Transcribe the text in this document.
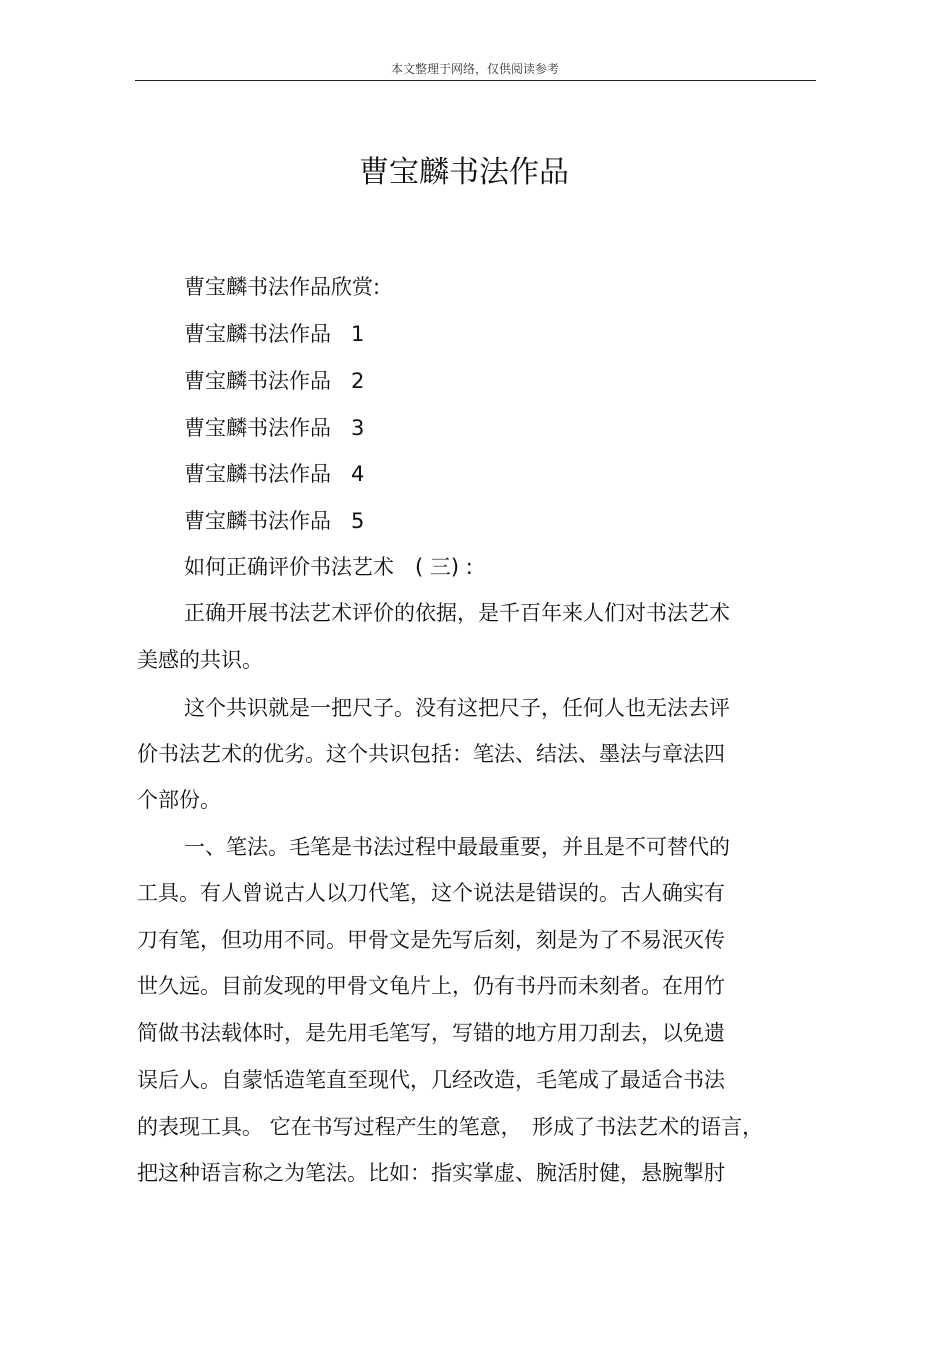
本文整理于网络，仅供阅读参考
曹宝麟书法作品
曹宝麟书法作品欣赏:
曹宝麟书法作品 1
曹宝麟书法作品 2
曹宝麟书法作品 3
曹宝麟书法作品 4
曹宝麟书法作品 5
如何正确评价书法艺术　( 三) :
正确开展书法艺术评价的依据，是千百年来人们对书法艺术
美感的共识。
这个共识就是一把尺子。没有这把尺子，任何人也无法去评
价书法艺术的优劣。这个共识包括：笔法、结法、墨法与章法四
个部份。
一、笔法。毛笔是书法过程中最最重要，并且是不可替代的
工具。有人曾说古人以刀代笔，这个说法是错误的。古人确实有
刀有笔，但功用不同。甲骨文是先写后刻，刻是为了不易泯灭传
世久远。目前发现的甲骨文龟片上，仍有书丹而未刻者。在用竹
简做书法载体时，是先用毛笔写，写错的地方用刀刮去，以免遗
误后人。自蒙恬造笔直至现代，几经改造，毛笔成了最适合书法
的表现工具。 它在书写过程产生的笔意，　形成了书法艺术的语言，
把这种语言称之为笔法。比如：指实掌虚、腕活肘健，悬腕掣肘
